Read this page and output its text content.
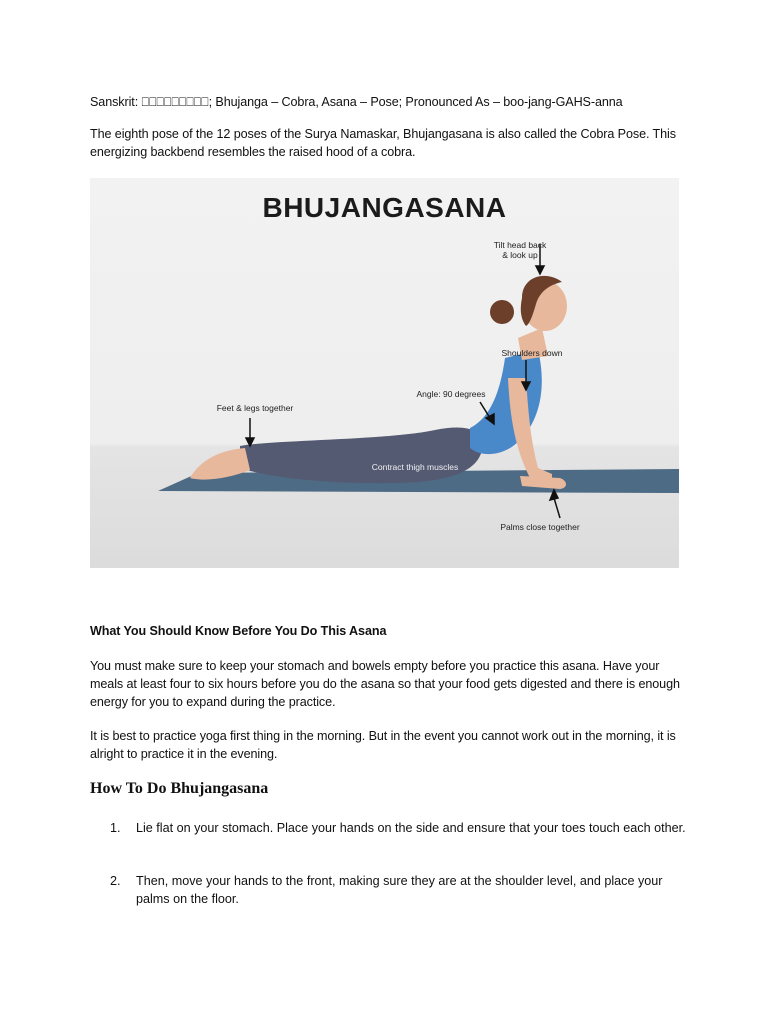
Sanskrit: ⎕⎕⎕⎕⎕⎕⎕⎕⎕; Bhujanga – Cobra, Asana – Pose; Pronounced As – boo-jang-GAHS-anna
The eighth pose of the 12 poses of the Surya Namaskar, Bhujangasana is also called the Cobra Pose. This energizing backbend resembles the raised hood of a cobra.
BHUJANGASANA
Tilt head back
& look up
Shoulders down
Angle: 90 degrees
Feet & legs together
Contract thigh muscles
Palms close together
What You Should Know Before You Do This Asana
You must make sure to keep your stomach and bowels empty before you practice this asana. Have your meals at least four to six hours before you do the asana so that your food gets digested and there is enough energy for you to expand during the practice.
It is best to practice yoga first thing in the morning. But in the event you cannot work out in the morning, it is alright to practice it in the evening.
How To Do Bhujangasana
1. Lie flat on your stomach. Place your hands on the side and ensure that your toes touch each other.
2. Then, move your hands to the front, making sure they are at the shoulder level, and place your palms on the floor.
